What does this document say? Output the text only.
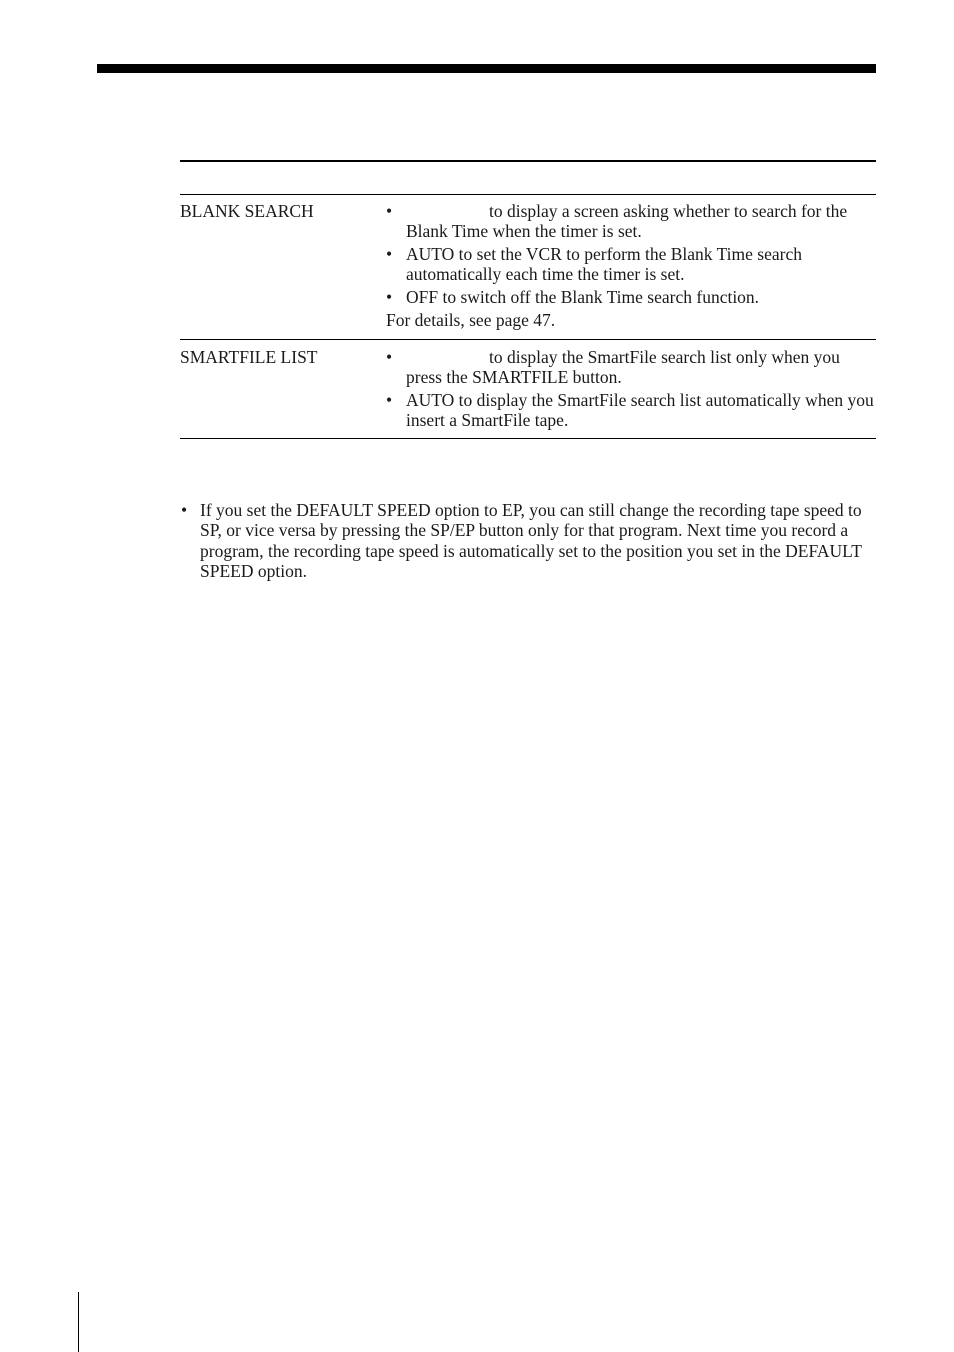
BLANK SEARCH	•	to display a screen asking whether to search for the Blank Time when the timer is set.
• AUTO to set the VCR to perform the Blank Time search automatically each time the timer is set.
• OFF to switch off the Blank Time search function.
For details, see page 47.
SMARTFILE LIST	•	to display the SmartFile search list only when you press the SMARTFILE button.
• AUTO to display the SmartFile search list automatically when you insert a SmartFile tape.
• If you set the DEFAULT SPEED option to EP, you can still change the recording tape speed to SP, or vice versa by pressing the SP/EP button only for that program. Next time you record a program, the recording tape speed is automatically set to the position you set in the DEFAULT SPEED option.
